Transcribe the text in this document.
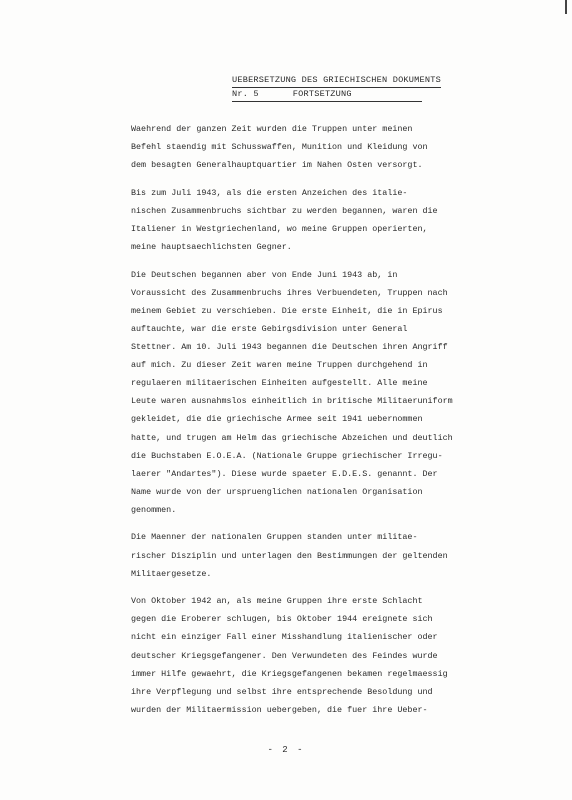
UEBERSETZUNG DES GRIECHISCHEN DOKUMENTS
Nr. 5	FORTSETZUNG

Waehrend der ganzen Zeit wurden die Truppen unter meinen
Befehl staendig mit Schusswaffen, Munition und Kleidung von
dem besagten Generalhauptquartier im Nahen Osten versorgt.

Bis zum Juli 1943, als die ersten Anzeichen des italie-
nischen Zusammenbruchs sichtbar zu werden begannen, waren die
Italiener in Westgriechenland, wo meine Gruppen operierten,
meine hauptsaechlichsten Gegner.

Die Deutschen begannen aber von Ende Juni 1943 ab, in
Voraussicht des Zusammenbruchs ihres Verbuendeten, Truppen nach
meinem Gebiet zu verschieben. Die erste Einheit, die in Epirus
auftauchte, war die erste Gebirgsdivision unter General
Stettner. Am 10. Juli 1943 begannen die Deutschen ihren Angriff
auf mich. Zu dieser Zeit waren meine Truppen durchgehend in
regulaeren militaerischen Einheiten aufgestellt. Alle meine
Leute waren ausnahmslos einheitlich in britische Militaeruniform
gekleidet, die die griechische Armee seit 1941 uebernommen
hatte, und trugen am Helm das griechische Abzeichen und deutlich
die Buchstaben E.O.E.A. (Nationale Gruppe griechischer Irregu-
laerer "Andartes"). Diese wurde spaeter E.D.E.S. genannt. Der
Name wurde von der urspruenglichen nationalen Organisation
genommen.

Die Maenner der nationalen Gruppen standen unter militae-
rischer Disziplin und unterlagen den Bestimmungen der geltenden
Militaergesetze.

Von Oktober 1942 an, als meine Gruppen ihre erste Schlacht
gegen die Eroberer schlugen, bis Oktober 1944 ereignete sich
nicht ein einziger Fall einer Misshandlung italienischer oder
deutscher Kriegsgefangener. Den Verwundeten des Feindes wurde
immer Hilfe gewaehrt, die Kriegsgefangenen bekamen regelmaessig
ihre Verpflegung und selbst ihre entsprechende Besoldung und
wurden der Militaermission uebergeben, die fuer ihre Ueber-

- 2 -
